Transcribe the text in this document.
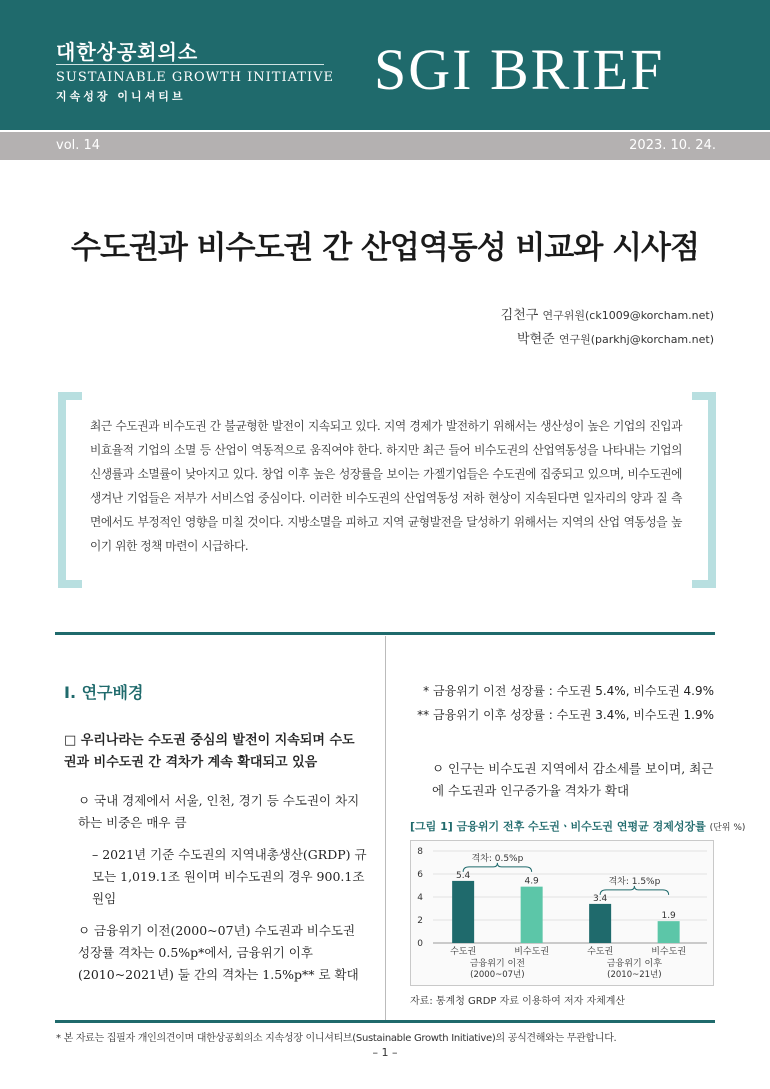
대한상공회의소
SUSTAINABLE GROWTH INITIATIVE
지속성장 이니셔티브	SGI BRIEF
vol. 14	2023. 10. 24.
수도권과 비수도권 간 산업역동성 비교와 시사점
김천구 연구위원(ck1009@korcham.net)
박현준 연구원(parkhj@korcham.net)
최근 수도권과 비수도권 간 불균형한 발전이 지속되고 있다. 지역 경제가 발전하기 위해서는 생산성이 높은 기업의 진입과 비효율적 기업의 소멸 등 산업이 역동적으로 움직여야 한다. 하지만 최근 들어 비수도권의 산업역동성을 나타내는 기업의 신생률과 소멸률이 낮아지고 있다. 창업 이후 높은 성장률을 보이는 가젤기업들은 수도권에 집중되고 있으며, 비수도권에 생겨난 기업들은 저부가 서비스업 중심이다. 이러한 비수도권의 산업역동성 저하 현상이 지속된다면 일자리의 양과 질 측면에서도 부정적인 영향을 미칠 것이다. 지방소멸을 피하고 지역 균형발전을 달성하기 위해서는 지역의 산업 역동성을 높이기 위한 정책 마련이 시급하다.
Ⅰ. 연구배경
□ 우리나라는 수도권 중심의 발전이 지속되며 수도권과 비수도권 간 격차가 계속 확대되고 있음
ㅇ 국내 경제에서 서울, 인천, 경기 등 수도권이 차지하는 비중은 매우 큼
– 2021년 기준 수도권의 지역내총생산(GRDP) 규모는 1,019.1조 원이며 비수도권의 경우 900.1조 원임
ㅇ 금융위기 이전(2000~07년) 수도권과 비수도권 성장률 격차는 0.5%p*에서, 금융위기 이후(2010~2021년) 둘 간의 격차는 1.5%p** 로 확대
* 금융위기 이전 성장률 : 수도권 5.4%, 비수도권 4.9%
** 금융위기 이후 성장률 : 수도권 3.4%, 비수도권 1.9%
ㅇ 인구는 비수도권 지역에서 감소세를 보이며, 최근에 수도권과 인구증가율 격차가 확대
[그림 1] 금융위기 전후 수도권ㆍ비수도권 연평균 경제성장률 (단위 %)
0
2
4
6
8
5.4
수도권
4.9
비수도권
금융위기 이전
(2000~07년)
격차: 0.5%p
3.4
수도권
1.9
비수도권
금융위기 이후
(2010~21년)
격차: 1.5%p
자료: 통계청 GRDP 자료 이용하여 저자 자체계산
* 본 자료는 집필자 개인의견이며 대한상공회의소 지속성장 이니셔티브(Sustainable Growth Initiative)의 공식견해와는 무관합니다.
– 1 –
